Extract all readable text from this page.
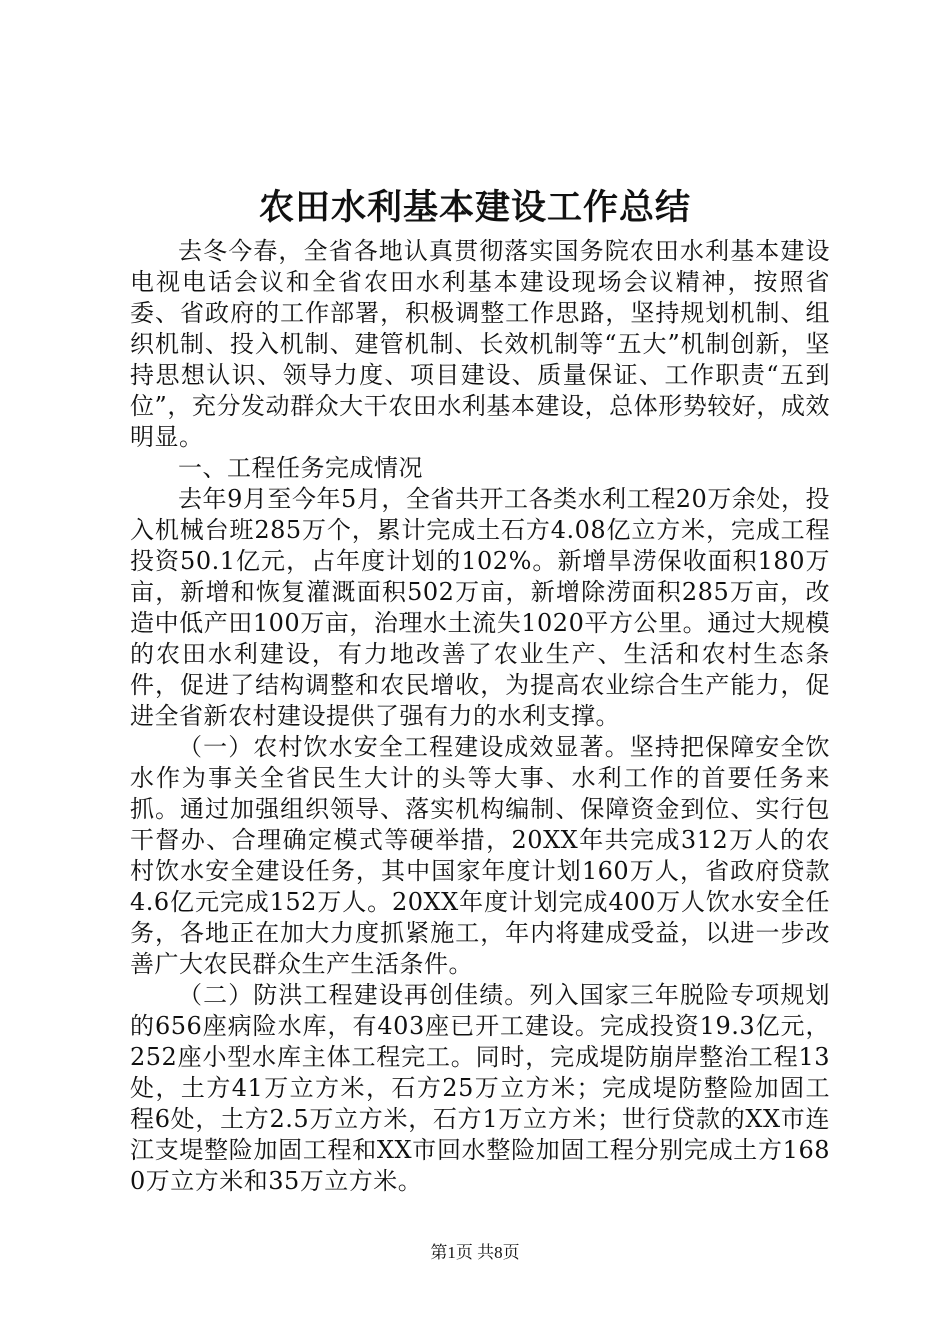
农田水利基本建设工作总结

去冬今春，全省各地认真贯彻落实国务院农田水利基本建设电视电话会议和全省农田水利基本建设现场会议精神，按照省委、省政府的工作部署，积极调整工作思路，坚持规划机制、组织机制、投入机制、建管机制、长效机制等“五大”机制创新，坚持思想认识、领导力度、项目建设、质量保证、工作职责“五到位”，充分发动群众大干农田水利基本建设，总体形势较好，成效明显。

一、工程任务完成情况

去年9月至今年5月，全省共开工各类水利工程20万余处，投入机械台班285万个，累计完成土石方4.08亿立方米，完成工程投资50.1亿元，占年度计划的102%。新增旱涝保收面积180万亩，新增和恢复灌溉面积502万亩，新增除涝面积285万亩，改造中低产田100万亩，治理水土流失1020平方公里。通过大规模的农田水利建设，有力地改善了农业生产、生活和农村生态条件，促进了结构调整和农民增收，为提高农业综合生产能力，促进全省新农村建设提供了强有力的水利支撑。

（一）农村饮水安全工程建设成效显著。坚持把保障安全饮水作为事关全省民生大计的头等大事、水利工作的首要任务来抓。通过加强组织领导、落实机构编制、保障资金到位、实行包干督办、合理确定模式等硬举措，20XX年共完成312万人的农村饮水安全建设任务，其中国家年度计划160万人，省政府贷款4.6亿元完成152万人。20XX年度计划完成400万人饮水安全任务，各地正在加大力度抓紧施工，年内将建成受益，以进一步改善广大农民群众生产生活条件。

（二）防洪工程建设再创佳绩。列入国家三年脱险专项规划的656座病险水库，有403座已开工建设。完成投资19.3亿元，252座小型水库主体工程完工。同时，完成堤防崩岸整治工程13处，土方41万立方米，石方25万立方米；完成堤防整险加固工程6处，土方2.5万立方米，石方1万立方米；世行贷款的XX市连江支堤整险加固工程和XX市回水整险加固工程分别完成土方1680万立方米和35万立方米。

第1页 共8页
